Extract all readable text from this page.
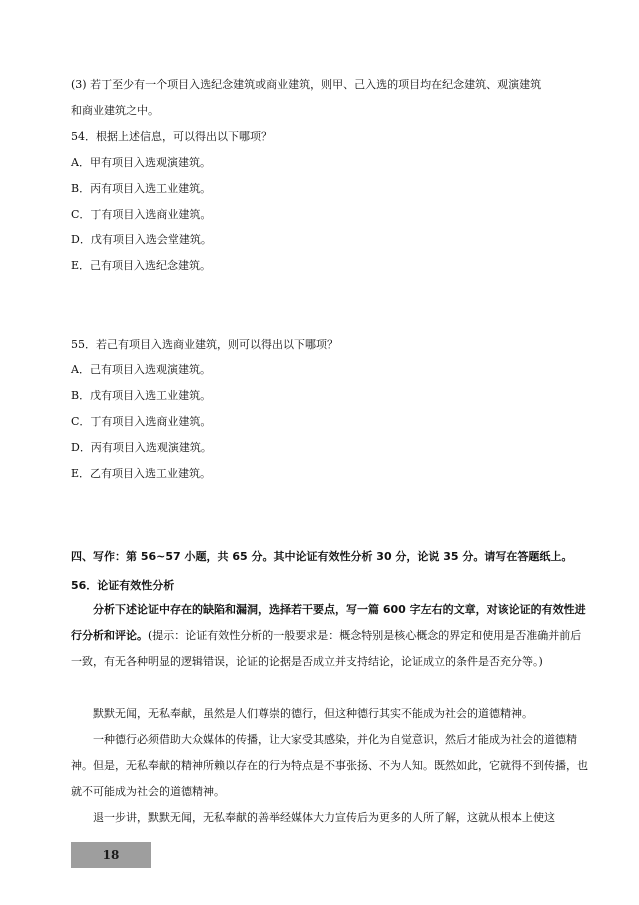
(3) 若丁至少有一个项目入选纪念建筑或商业建筑，则甲、己入选的项目均在纪念建筑、观演建筑
和商业建筑之中。
54．根据上述信息，可以得出以下哪项？
A．甲有项目入选观演建筑。
B．丙有项目入选工业建筑。
C．丁有项目入选商业建筑。
D．戊有项目入选会堂建筑。
E．己有项目入选纪念建筑。
55．若己有项目入选商业建筑，则可以得出以下哪项？
A．己有项目入选观演建筑。
B．戊有项目入选工业建筑。
C．丁有项目入选商业建筑。
D．丙有项目入选观演建筑。
E．乙有项目入选工业建筑。
四、写作：第 56~57 小题，共 65 分。其中论证有效性分析 30 分，论说 35 分。请写在答题纸上。
56．论证有效性分析
分析下述论证中存在的缺陷和漏洞，选择若干要点，写一篇 600 字左右的文章，对该论证的有效性进行分析和评论。(提示：论证有效性分析的一般要求是：概念特别是核心概念的界定和使用是否准确并前后一致，有无各种明显的逻辑错误，论证的论据是否成立并支持结论，论证成立的条件是否充分等。)
默默无闻，无私奉献，虽然是人们尊崇的德行，但这种德行其实不能成为社会的道德精神。
一种德行必须借助大众媒体的传播，让大家受其感染，并化为自觉意识，然后才能成为社会的道德精神。但是，无私奉献的精神所赖以存在的行为特点是不事张扬、不为人知。既然如此，它就得不到传播，也就不可能成为社会的道德精神。
退一步讲，默默无闻，无私奉献的善举经媒体大力宣传后为更多的人所了解，这就从根本上使这
18
